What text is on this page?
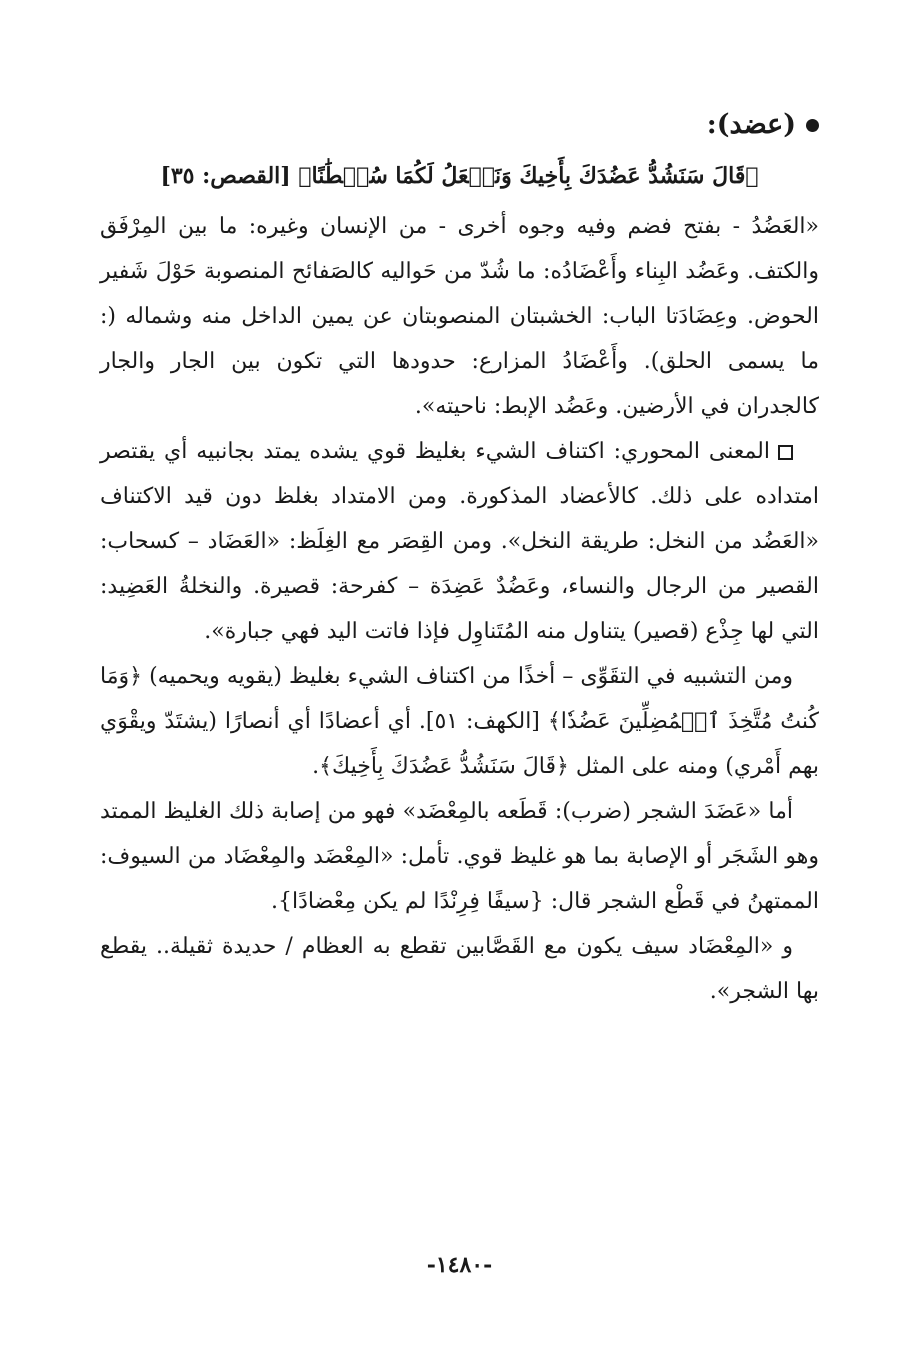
(عضد):
﴿قَالَ سَنَشُدُّ عَضُدَكَ بِأَخِيكَ وَنَجۡعَلُ لَكُمَا سُلۡطَٰنًا﴾ [القصص: ٣٥]

«العَضُدُ - بفتح فضم وفيه وجوه أخرى - من الإنسان وغيره: ما بين المِرْفَق والكتف. وعَضُد البِناء وأَعْضَادُه: ما شُدّ من حَواليه كالصَفائح المنصوبة حَوْلَ شَفير الحوض. وعِضَادَتا الباب: الخشبتان المنصوبتان عن يمين الداخل منه وشماله (: ما يسمى الحلق). وأَعْضَادُ المزارع: حدودها التي تكون بين الجار والجار كالجدران في الأرضين. وعَضُد الإبط: ناحيته».

المعنى المحوري: اكتناف الشيء بغليظ قوي يشده يمتد بجانبيه أي يقتصر امتداده على ذلك. كالأعضاد المذكورة. ومن الامتداد بغلظ دون قيد الاكتناف «العَضُد من النخل: طريقة النخل». ومن القِصَر مع الغِلَظ: «العَضَاد – كسحاب: القصير من الرجال والنساء، وعَضُدٌ عَضِدَة – كفرحة: قصيرة. والنخلةُ العَضِيد: التي لها جِذْع (قصير) يتناول منه المُتَناوِل فإذا فاتت اليد فهي جبارة».

ومن التشبيه في التقَوِّى – أخذًا من اكتناف الشيء بغليظ (يقويه ويحميه) ﴿وَمَا كُنتُ مُتَّخِذَ ٱلۡمُضِلِّينَ عَضُدٗا﴾ [الكهف: ٥١]. أي أعضادًا أي أنصارًا (يشتَدّ ويقْوَي بهم أَمْري) ومنه على المثل ﴿قَالَ سَنَشُدُّ عَضُدَكَ بِأَخِيكَ﴾.

أما «عَضَدَ الشجر (ضرب): قَطَعه بالمِعْضَد» فهو من إصابة ذلك الغليظ الممتد وهو الشَجَر أو الإصابة بما هو غليظ قوي. تأمل: «المِعْضَد والمِعْضَاد من السيوف: الممتهنُ في قَطْع الشجر قال: {سيفًا فِرِنْدًا لم يكن مِعْضادًا}.

و «المِعْضَاد سيف يكون مع القَصَّابين تقطع به العظام / حديدة ثقيلة.. يقطع بها الشجر».

-١٤٨٠-
